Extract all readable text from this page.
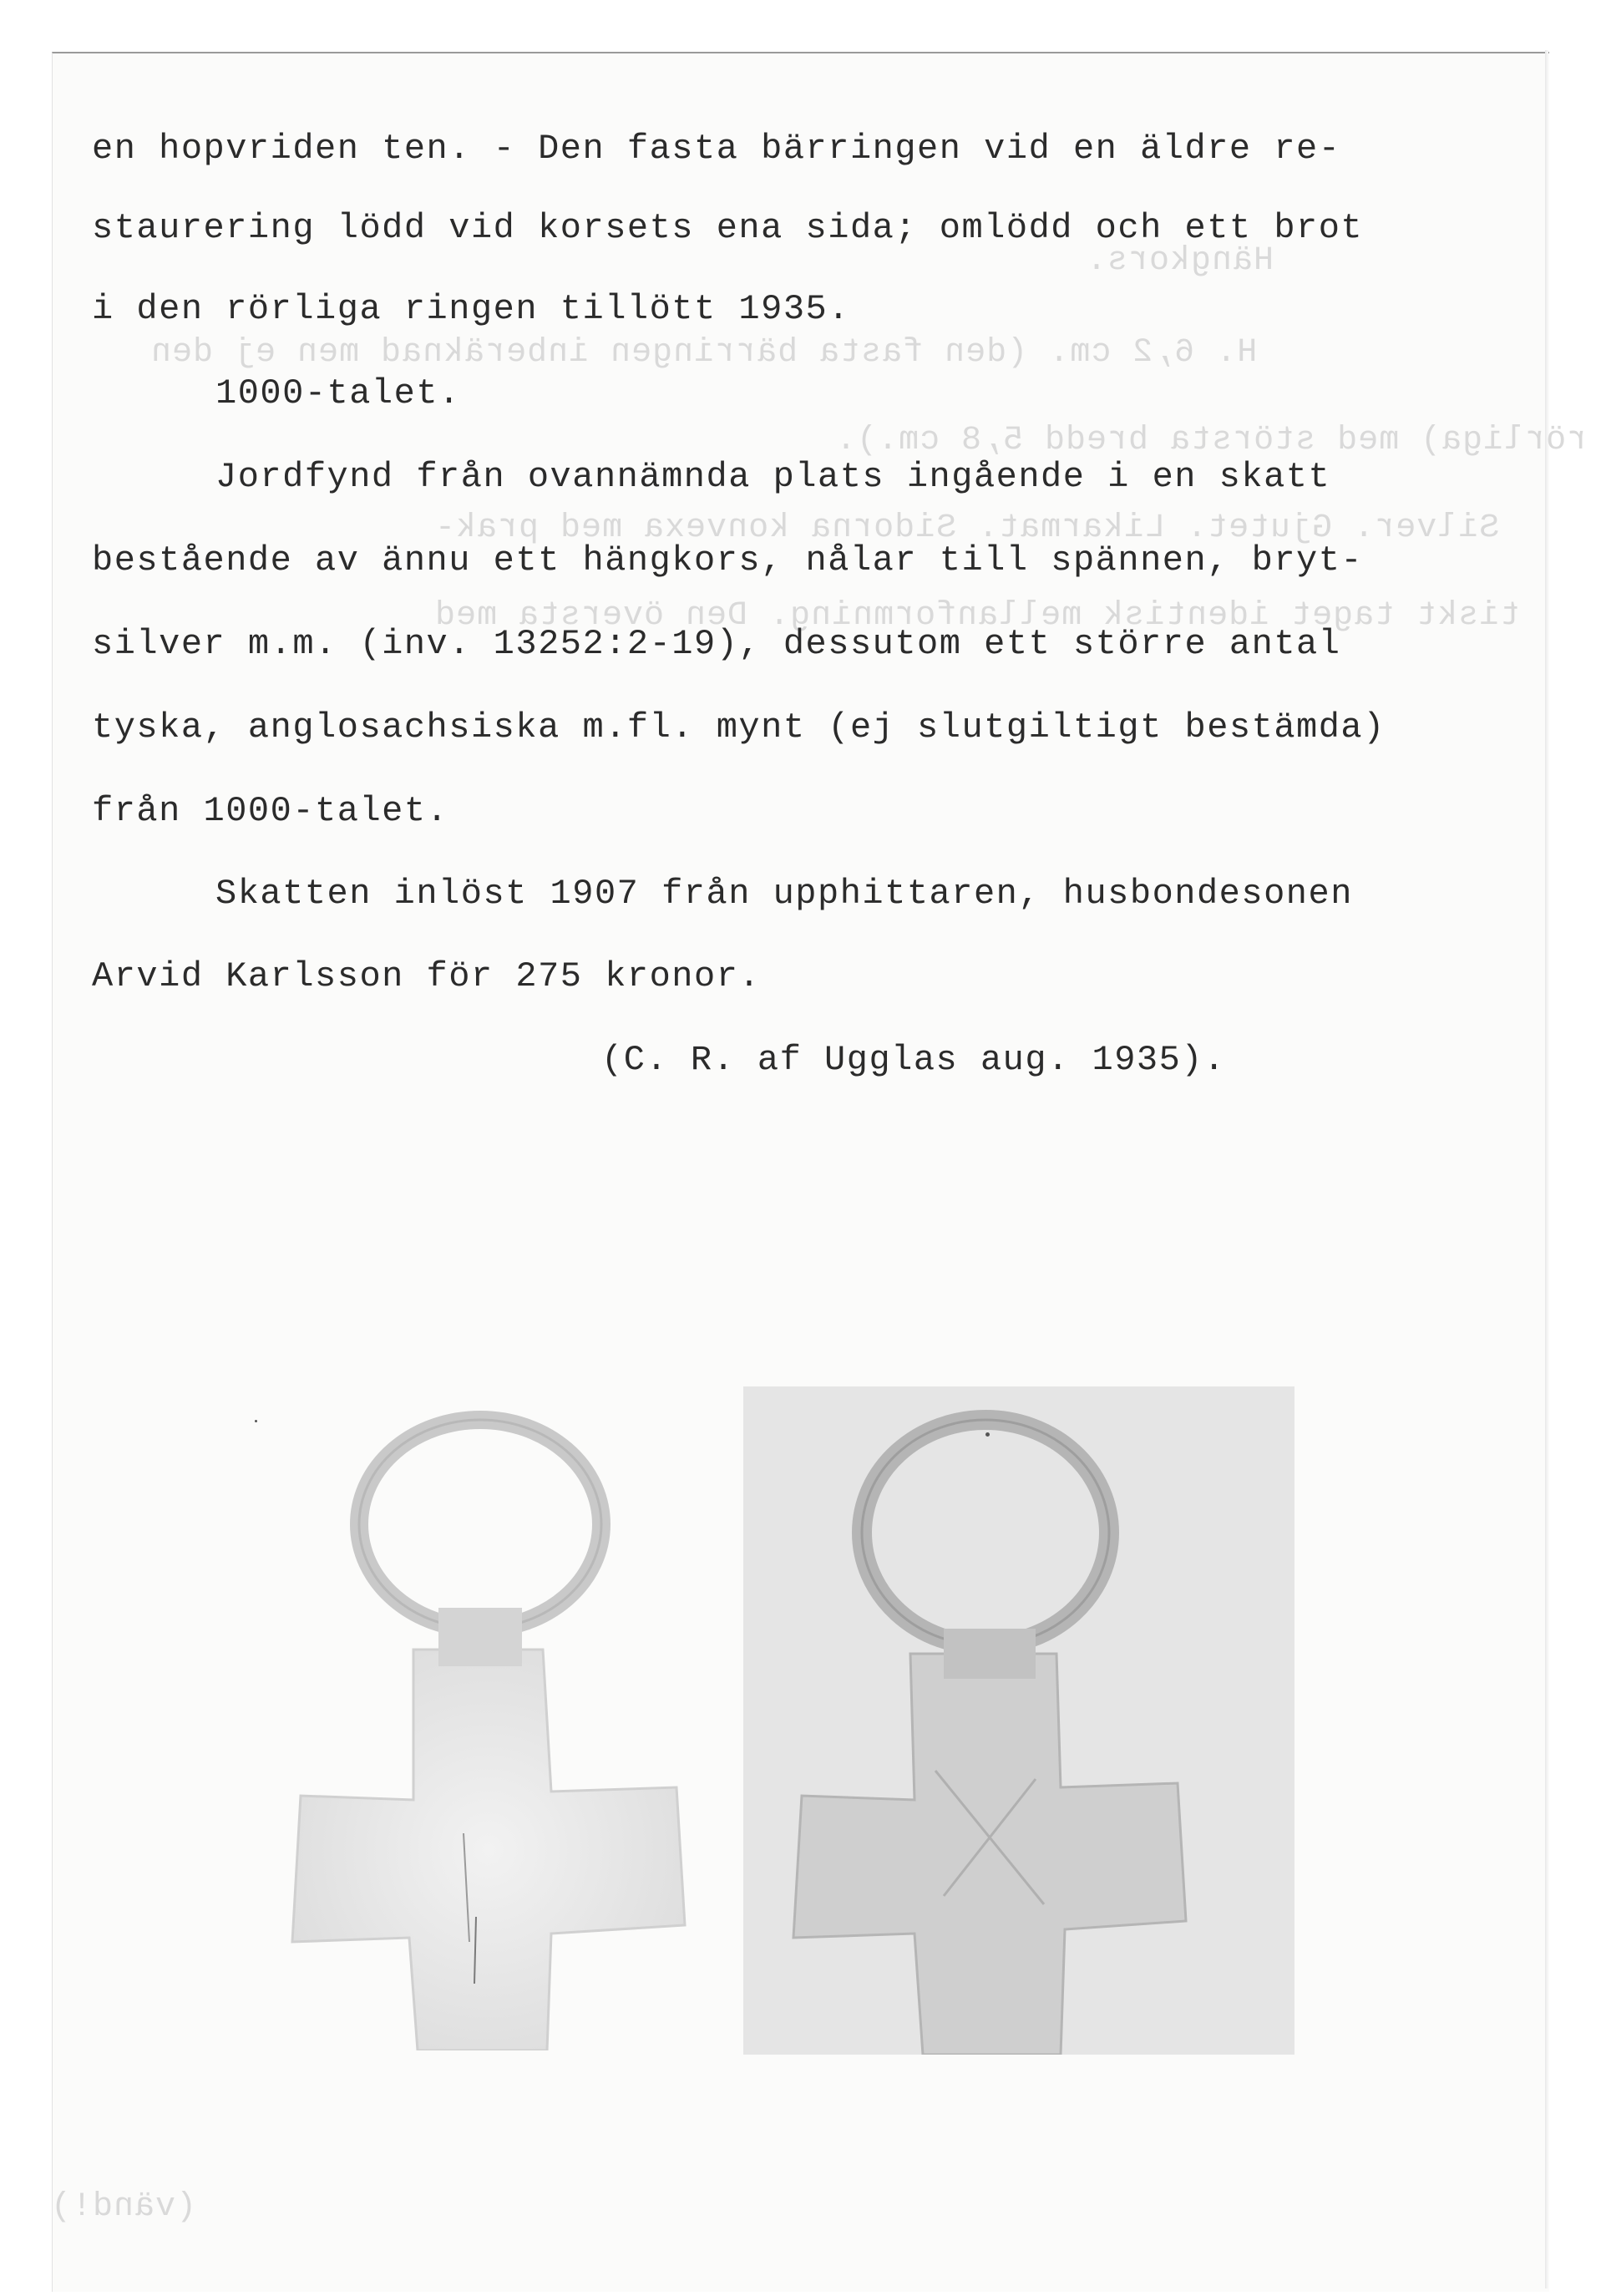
Hängkors.
H. 6,2 cm. (den fasta bärringen inberäknad men ej den
rörliga) med största bredd 5,8 cm.).
Silver. Gjutet. Likarmat. Sidorna konvexa med prak-
tiskt taget identisk mellanformning. Den översta med
(vänd!)
en hopvriden ten. - Den fasta bärringen vid en äldre re-
staurering lödd vid korsets ena sida; omlödd och ett brot
i den rörliga ringen tillött 1935.
1000-talet.
Jordfynd från ovannämnda plats ingående i en skatt
bestående av ännu ett hängkors, nålar till spännen, bryt-
silver m.m. (inv. 13252:2-19), dessutom ett större antal
tyska, anglosachsiska m.fl. mynt (ej slutgiltigt bestämda)
från 1000-talet.
Skatten inlöst 1907 från upphittaren, husbondesonen
Arvid Karlsson för 275 kronor.
(C. R. af Ugglas aug. 1935).
